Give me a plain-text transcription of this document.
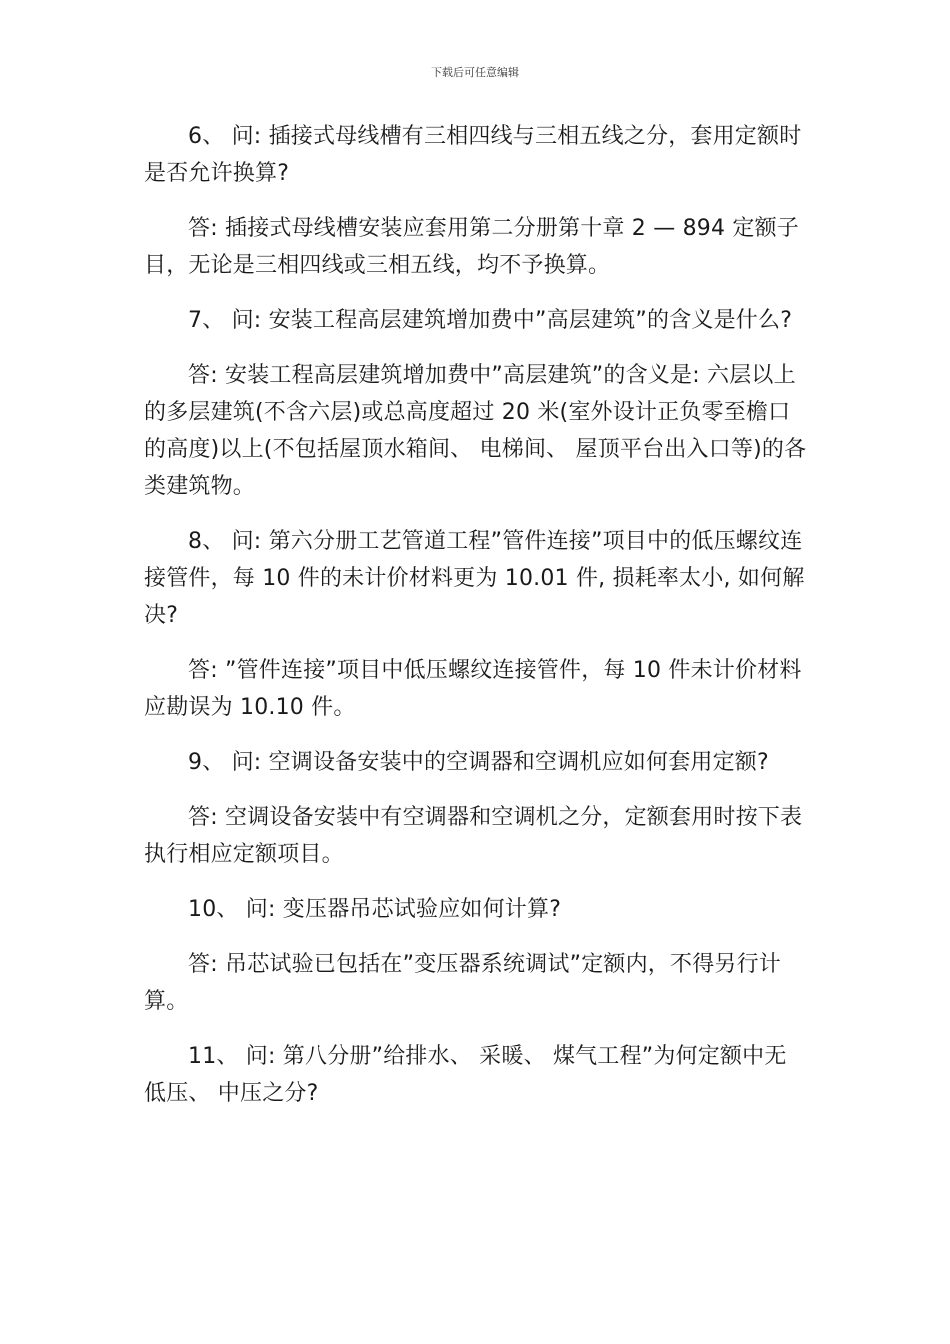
下载后可任意编辑

6、 问: 插接式母线槽有三相四线与三相五线之分，套用定额时是否允许换算?

答: 插接式母线槽安装应套用第二分册第十章 2 — 894 定额子目，无论是三相四线或三相五线，均不予换算。

7、 问: 安装工程高层建筑增加费中”高层建筑”的含义是什么?

答: 安装工程高层建筑增加费中”高层建筑”的含义是: 六层以上的多层建筑(不含六层)或总高度超过 20 米(室外设计正负零至檐口的高度)以上(不包括屋顶水箱间、 电梯间、 屋顶平台出入口等)的各类建筑物。

8、 问: 第六分册工艺管道工程”管件连接”项目中的低压螺纹连接管件，每 10 件的未计价材料更为 10.01 件, 损耗率太小, 如何解决?

答: ”管件连接”项目中低压螺纹连接管件，每 10 件未计价材料应勘误为 10.10 件。

9、 问: 空调设备安装中的空调器和空调机应如何套用定额?

答: 空调设备安装中有空调器和空调机之分，定额套用时按下表执行相应定额项目。

10、 问: 变压器吊芯试验应如何计算?

答: 吊芯试验已包括在”变压器系统调试”定额内，不得另行计算。

11、 问: 第八分册”给排水、 采暖、 煤气工程”为何定额中无低压、 中压之分?
